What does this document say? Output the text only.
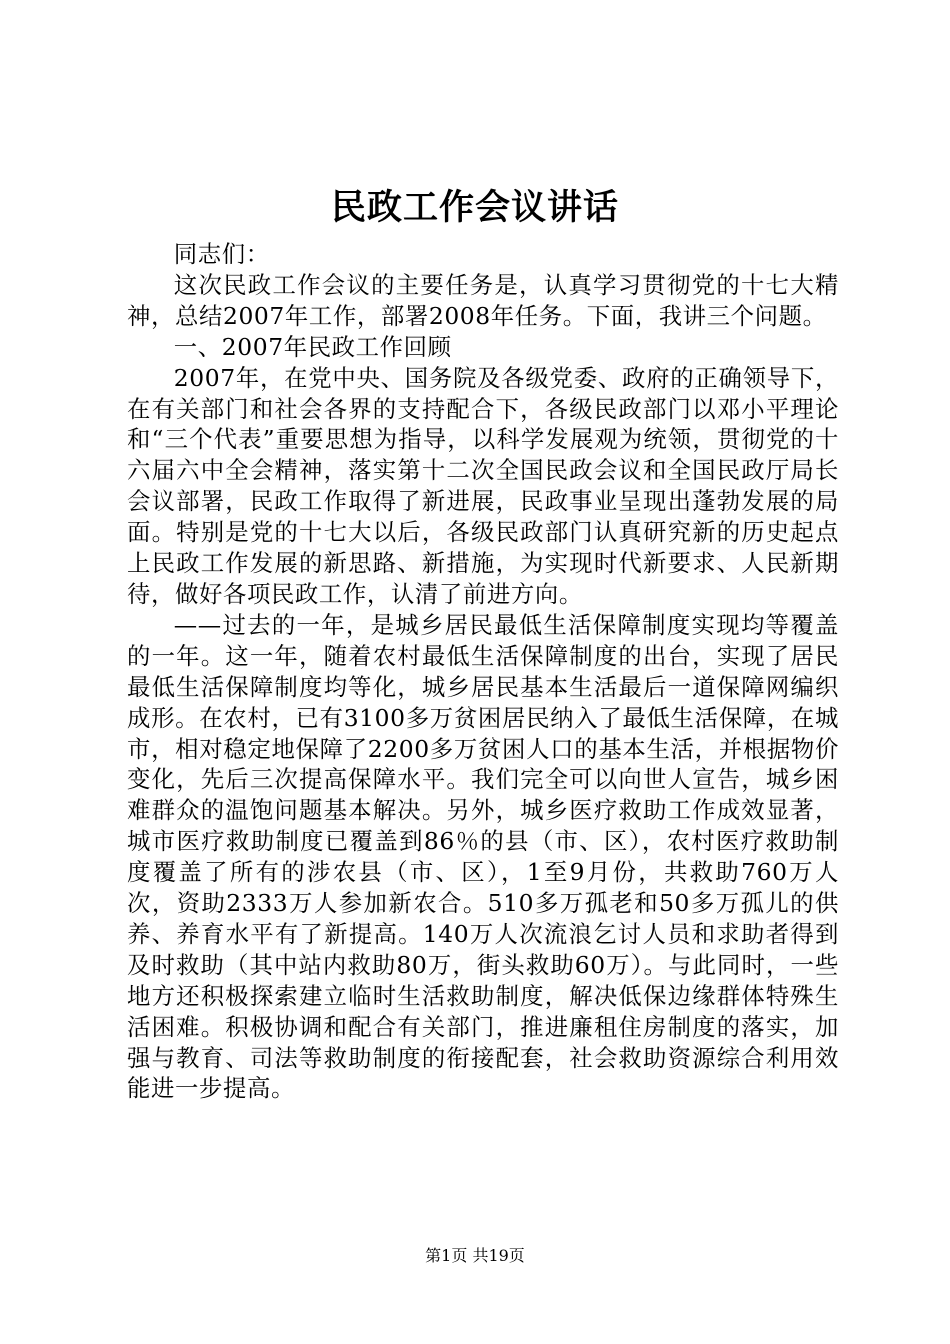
民政工作会议讲话

同志们：

这次民政工作会议的主要任务是，认真学习贯彻党的十七大精神，总结2007年工作，部署2008年任务。下面，我讲三个问题。

一、2007年民政工作回顾

2007年，在党中央、国务院及各级党委、政府的正确领导下，在有关部门和社会各界的支持配合下，各级民政部门以邓小平理论和“三个代表”重要思想为指导，以科学发展观为统领，贯彻党的十六届六中全会精神，落实第十二次全国民政会议和全国民政厅局长会议部署，民政工作取得了新进展，民政事业呈现出蓬勃发展的局面。特别是党的十七大以后，各级民政部门认真研究新的历史起点上民政工作发展的新思路、新措施，为实现时代新要求、人民新期待，做好各项民政工作，认清了前进方向。

——过去的一年，是城乡居民最低生活保障制度实现均等覆盖的一年。这一年，随着农村最低生活保障制度的出台，实现了居民最低生活保障制度均等化，城乡居民基本生活最后一道保障网编织成形。在农村，已有3100多万贫困居民纳入了最低生活保障，在城市，相对稳定地保障了2200多万贫困人口的基本生活，并根据物价变化，先后三次提高保障水平。我们完全可以向世人宣告，城乡困难群众的温饱问题基本解决。另外，城乡医疗救助工作成效显著，城市医疗救助制度已覆盖到86％的县（市、区），农村医疗救助制度覆盖了所有的涉农县（市、区），1至9月份，共救助760万人次，资助2333万人参加新农合。510多万孤老和50多万孤儿的供养、养育水平有了新提高。140万人次流浪乞讨人员和求助者得到及时救助（其中站内救助80万，街头救助60万）。与此同时，一些地方还积极探索建立临时生活救助制度，解决低保边缘群体特殊生活困难。积极协调和配合有关部门，推进廉租住房制度的落实，加强与教育、司法等救助制度的衔接配套，社会救助资源综合利用效能进一步提高。

第1页 共19页
